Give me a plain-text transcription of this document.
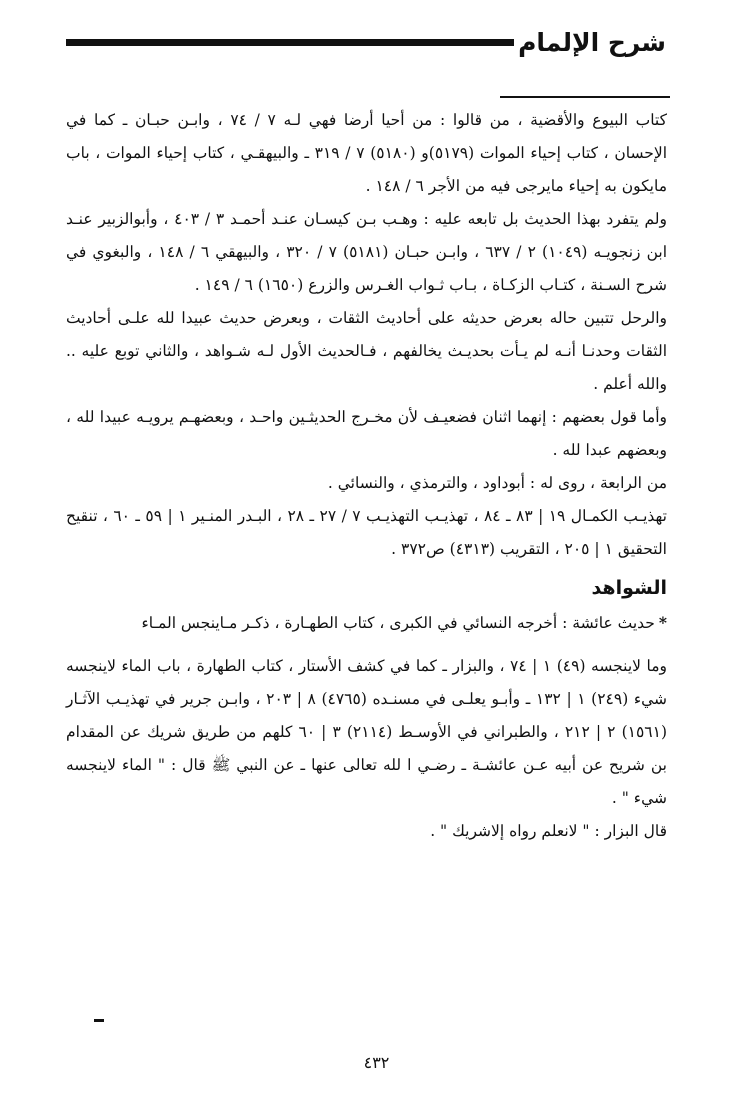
شرح الإلمام

كتاب البيوع والأقضية ، من قالوا : من أحيا أرضا فهي لـه ٧ / ٧٤ ، وابـن حبـان ـ كما في الإحسان ، كتاب إحياء الموات (٥١٧٩)و (٥١٨٠) ٧ / ٣١٩ ـ والبيهقـي ، كتاب إحياء الموات ، باب مايكون به إحياء مايرجى فيه من الأجر ٦ / ١٤٨ .

ولم يتفرد بهذا الحديث بل تابعه عليه : وهـب بـن كيسـان عنـد أحمـد ٣ / ٤٠٣ ، وأبوالزبير عنـد ابن زنجويـه (١٠٤٩) ٢ / ٦٣٧ ، وابـن حبـان (٥١٨١) ٧ / ٣٢٠ ، والبيهقي ٦ / ١٤٨ ، والبغوي في شرح السـنة ، كتـاب الزكـاة ، بـاب ثـواب الغـرس والزرع (١٦٥٠) ٦ / ١٤٩ .

والرحل تتبين حاله بعرض حديثه على أحاديث الثقات ، وبعرض حديث عبيدا لله علـى أحاديث الثقات وحدنـا أنـه لم يـأت بحديـث يخالفهم ، فـالحديث الأول لـه شـواهد ، والثاني توبع عليه .. والله أعلم .

وأما قول بعضهم : إنهما اثنان فضعيـف لأن مخـرج الحديثـين واحـد ، وبعضهـم يرويـه عبيدا لله ، وبعضهم عبدا لله .

من الرابعة ، روى له : أبوداود ، والترمذي ، والنسائي .

تهذيـب الكمـال ١٩ | ٨٣ ـ ٨٤ ، تهذيـب التهذيـب ٧ / ٢٧ ـ ٢٨ ، البـدر المنـير ١ | ٥٩ ـ ٦٠ ، تنقيح التحقيق ١ | ٢٠٥ ، التقريب (٤٣١٣) ص٣٧٢ .

الشواهد

*حديث عائشة : أخرجه النسائي في الكبرى ، كتاب الطهـارة ، ذكـر مـاينجس المـاء

وما لاينجسه (٤٩) ١ | ٧٤ ، والبزار ـ كما في كشف الأستار ، كتاب الطهارة ، باب الماء لاينجسه شيء (٢٤٩) ١ | ١٣٢ ـ وأبـو يعلـى في مسنـده (٤٧٦٥) ٨ | ٢٠٣ ، وابـن جرير في تهذيـب الآثـار (١٥٦١) ٢ | ٢١٢ ، والطبراني في الأوسـط (٢١١٤) ٣ | ٦٠ كلهم من طريق شريك عن المقدام بن شريح عن أبيه عـن عائشـة ـ رضـي ا لله تعالى عنها ـ عن النبي ﷺ قال : " الماء لاينجسه شيء " .

قال البزار : " لانعلم رواه إلاشريك " .

٤٣٢
